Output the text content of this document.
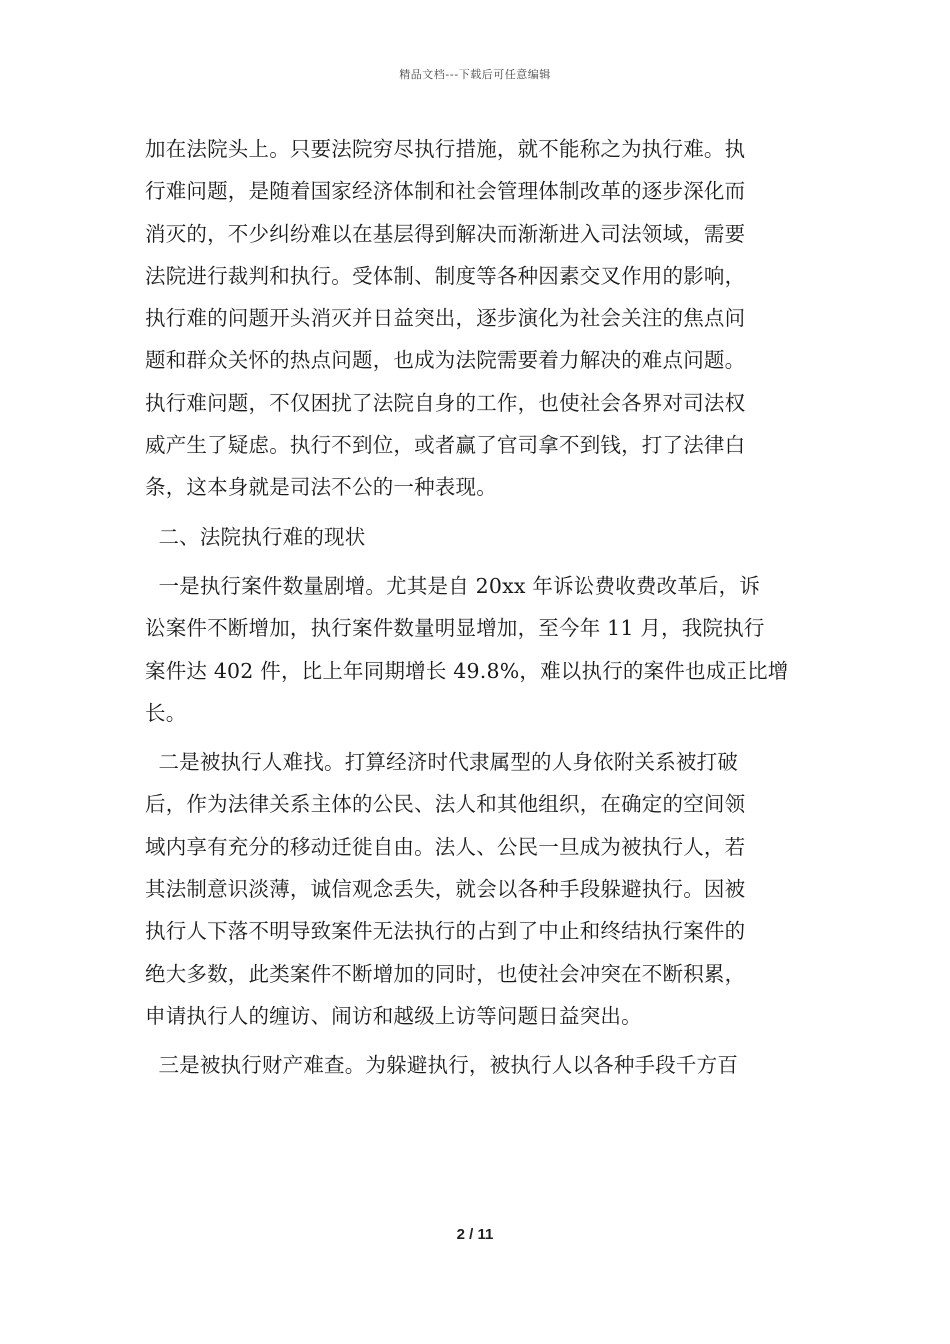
精品文档---下载后可任意编辑

加在法院头上。只要法院穷尽执行措施，就不能称之为执行难。执
行难问题，是随着国家经济体制和社会管理体制改革的逐步深化而
消灭的，不少纠纷难以在基层得到解决而渐渐进入司法领域，需要
法院进行裁判和执行。受体制、制度等各种因素交叉作用的影响，
执行难的问题开头消灭并日益突出，逐步演化为社会关注的焦点问
题和群众关怀的热点问题，也成为法院需要着力解决的难点问题。
执行难问题，不仅困扰了法院自身的工作，也使社会各界对司法权
威产生了疑虑。执行不到位，或者赢了官司拿不到钱，打了法律白
条，这本身就是司法不公的一种表现。

二、法院执行难的现状

一是执行案件数量剧增。尤其是自 20xx 年诉讼费收费改革后，诉
讼案件不断增加，执行案件数量明显增加，至今年 11 月，我院执行
案件达 402 件，比上年同期增长 49.8%，难以执行的案件也成正比增
长。

二是被执行人难找。打算经济时代隶属型的人身依附关系被打破
后，作为法律关系主体的公民、法人和其他组织，在确定的空间领
域内享有充分的移动迁徙自由。法人、公民一旦成为被执行人，若
其法制意识淡薄，诚信观念丢失，就会以各种手段躲避执行。因被
执行人下落不明导致案件无法执行的占到了中止和终结执行案件的
绝大多数，此类案件不断增加的同时，也使社会冲突在不断积累，
申请执行人的缠访、闹访和越级上访等问题日益突出。

三是被执行财产难查。为躲避执行，被执行人以各种手段千方百

2 / 11
